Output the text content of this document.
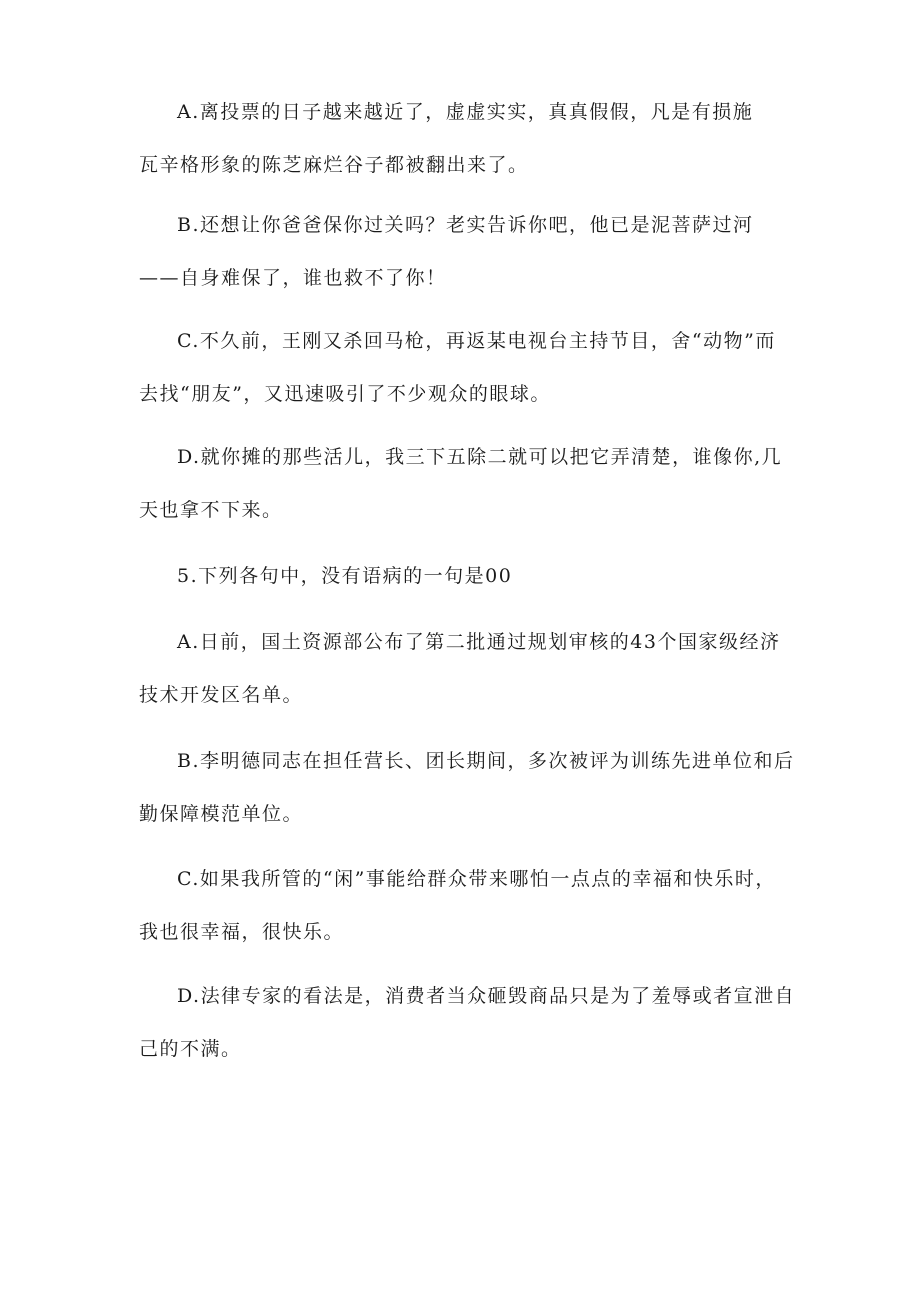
A.离投票的日子越来越近了，虚虚实实，真真假假，凡是有损施
瓦辛格形象的陈芝麻烂谷子都被翻出来了。
B.还想让你爸爸保你过关吗？老实告诉你吧，他已是泥菩萨过河
——自身难保了，谁也救不了你！
C.不久前，王刚又杀回马枪，再返某电视台主持节目，舍“动物”而
去找“朋友”，又迅速吸引了不少观众的眼球。
D.就你摊的那些活儿，我三下五除二就可以把它弄清楚，谁像你,几
天也拿不下来。
5.下列各句中，没有语病的一句是00
A.日前，国土资源部公布了第二批通过规划审核的43个国家级经济
技术开发区名单。
B.李明德同志在担任营长、团长期间，多次被评为训练先进单位和后
勤保障模范单位。
C.如果我所管的“闲”事能给群众带来哪怕一点点的幸福和快乐时，
我也很幸福，很快乐。
D.法律专家的看法是，消费者当众砸毁商品只是为了羞辱或者宣泄自
己的不满。
